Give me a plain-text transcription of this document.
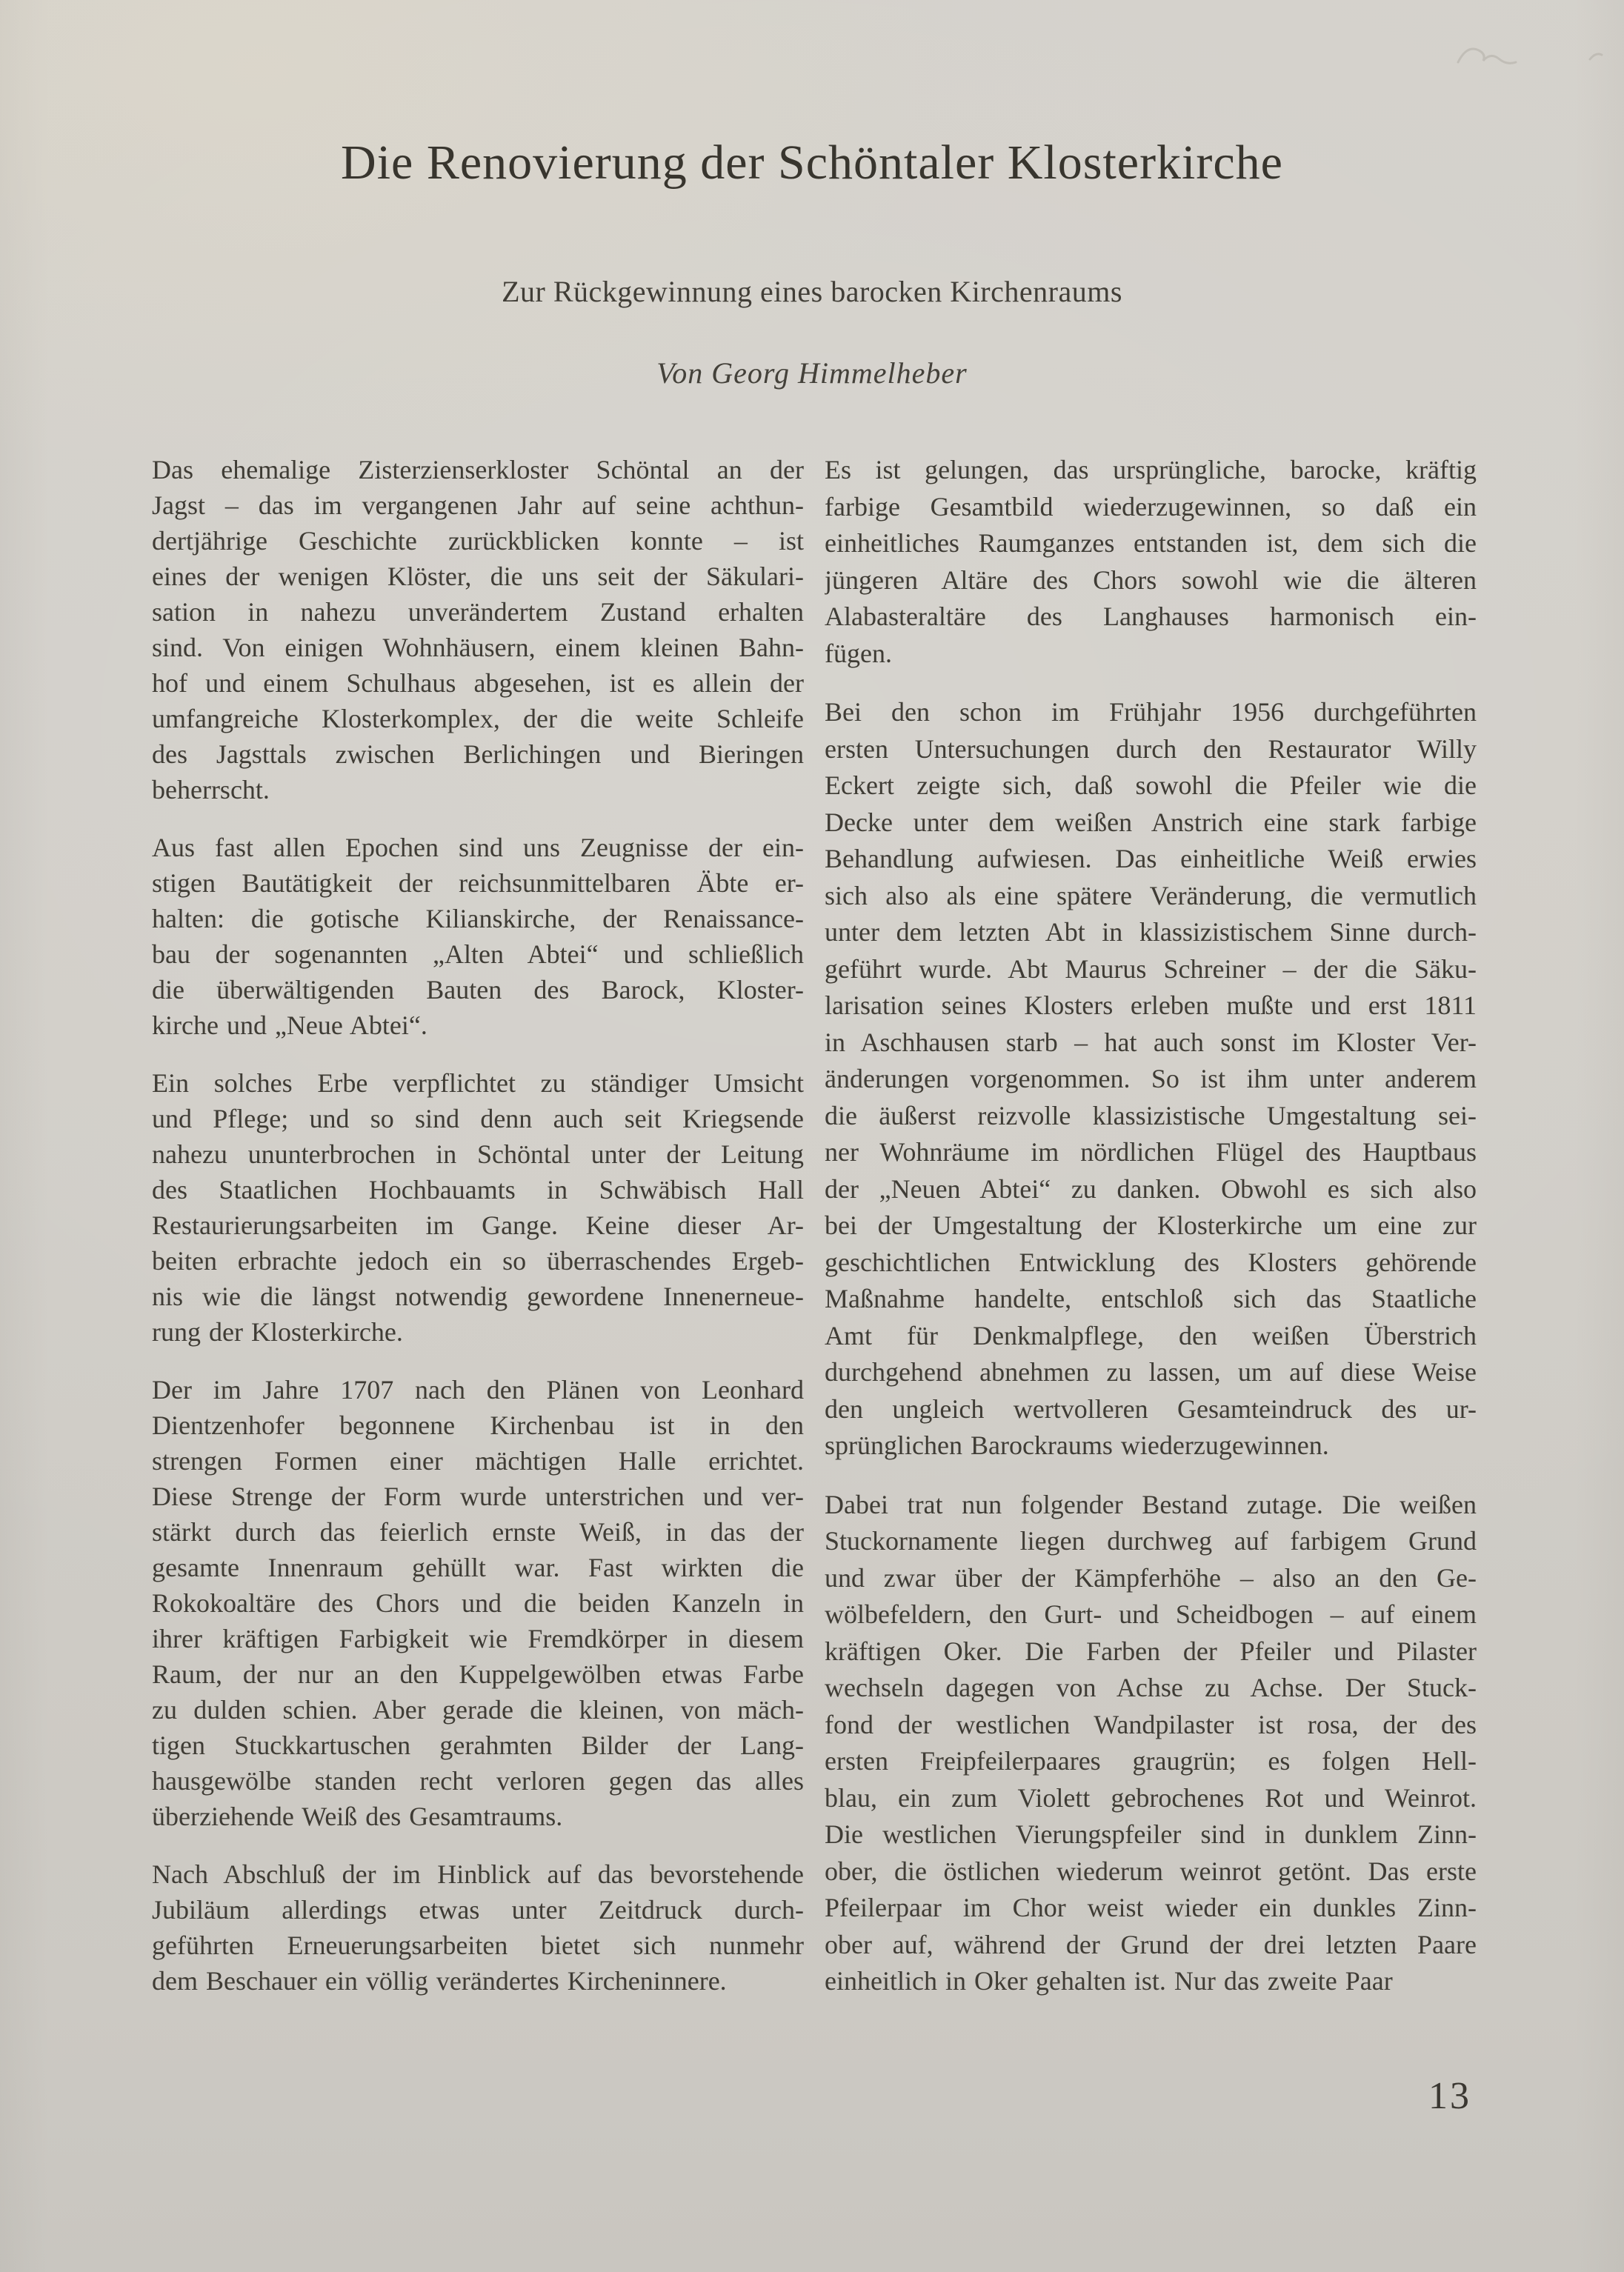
Die Renovierung der Schöntaler Klosterkirche
Zur Rückgewinnung eines barocken Kirchenraums

Von Georg Himmelheber

Das ehemalige Zisterzienserkloster Schöntal an der
Jagst – das im vergangenen Jahr auf seine achthun-
dertjährige Geschichte zurückblicken konnte – ist
eines der wenigen Klöster, die uns seit der Säkulari-
sation in nahezu unverändertem Zustand erhalten
sind. Von einigen Wohnhäusern, einem kleinen Bahn-
hof und einem Schulhaus abgesehen, ist es allein der
umfangreiche Klosterkomplex, der die weite Schleife
des Jagsttals zwischen Berlichingen und Bieringen
beherrscht.
Aus fast allen Epochen sind uns Zeugnisse der ein-
stigen Bautätigkeit der reichsunmittelbaren Äbte er-
halten: die gotische Kilianskirche, der Renaissance-
bau der sogenannten „Alten Abtei“ und schließlich
die überwältigenden Bauten des Barock, Kloster-
kirche und „Neue Abtei“.
Ein solches Erbe verpflichtet zu ständiger Umsicht
und Pflege; und so sind denn auch seit Kriegsende
nahezu ununterbrochen in Schöntal unter der Leitung
des Staatlichen Hochbauamts in Schwäbisch Hall
Restaurierungsarbeiten im Gange. Keine dieser Ar-
beiten erbrachte jedoch ein so überraschendes Ergeb-
nis wie die längst notwendig gewordene Innenerneue-
rung der Klosterkirche.
Der im Jahre 1707 nach den Plänen von Leonhard
Dientzenhofer begonnene Kirchenbau ist in den
strengen Formen einer mächtigen Halle errichtet.
Diese Strenge der Form wurde unterstrichen und ver-
stärkt durch das feierlich ernste Weiß, in das der
gesamte Innenraum gehüllt war. Fast wirkten die
Rokokoaltäre des Chors und die beiden Kanzeln in
ihrer kräftigen Farbigkeit wie Fremdkörper in diesem
Raum, der nur an den Kuppelgewölben etwas Farbe
zu dulden schien. Aber gerade die kleinen, von mäch-
tigen Stuckkartuschen gerahmten Bilder der Lang-
hausgewölbe standen recht verloren gegen das alles
überziehende Weiß des Gesamtraums.
Nach Abschluß der im Hinblick auf das bevorstehende
Jubiläum allerdings etwas unter Zeitdruck durch-
geführten Erneuerungsarbeiten bietet sich nunmehr
dem Beschauer ein völlig verändertes Kircheninnere.
Es ist gelungen, das ursprüngliche, barocke, kräftig
farbige Gesamtbild wiederzugewinnen, so daß ein
einheitliches Raumganzes entstanden ist, dem sich die
jüngeren Altäre des Chors sowohl wie die älteren
Alabasteraltäre des Langhauses harmonisch ein-
fügen.
Bei den schon im Frühjahr 1956 durchgeführten
ersten Untersuchungen durch den Restaurator Willy
Eckert zeigte sich, daß sowohl die Pfeiler wie die
Decke unter dem weißen Anstrich eine stark farbige
Behandlung aufwiesen. Das einheitliche Weiß erwies
sich also als eine spätere Veränderung, die vermutlich
unter dem letzten Abt in klassizistischem Sinne durch-
geführt wurde. Abt Maurus Schreiner – der die Säku-
larisation seines Klosters erleben mußte und erst 1811
in Aschhausen starb – hat auch sonst im Kloster Ver-
änderungen vorgenommen. So ist ihm unter anderem
die äußerst reizvolle klassizistische Umgestaltung sei-
ner Wohnräume im nördlichen Flügel des Hauptbaus
der „Neuen Abtei“ zu danken. Obwohl es sich also
bei der Umgestaltung der Klosterkirche um eine zur
geschichtlichen Entwicklung des Klosters gehörende
Maßnahme handelte, entschloß sich das Staatliche
Amt für Denkmalpflege, den weißen Überstrich
durchgehend abnehmen zu lassen, um auf diese Weise
den ungleich wertvolleren Gesamteindruck des ur-
sprünglichen Barockraums wiederzugewinnen.
Dabei trat nun folgender Bestand zutage. Die weißen
Stuckornamente liegen durchweg auf farbigem Grund
und zwar über der Kämpferhöhe – also an den Ge-
wölbefeldern, den Gurt- und Scheidbogen – auf einem
kräftigen Oker. Die Farben der Pfeiler und Pilaster
wechseln dagegen von Achse zu Achse. Der Stuck-
fond der westlichen Wandpilaster ist rosa, der des
ersten Freipfeilerpaares graugrün; es folgen Hell-
blau, ein zum Violett gebrochenes Rot und Weinrot.
Die westlichen Vierungspfeiler sind in dunklem Zinn-
ober, die östlichen wiederum weinrot getönt. Das erste
Pfeilerpaar im Chor weist wieder ein dunkles Zinn-
ober auf, während der Grund der drei letzten Paare
einheitlich in Oker gehalten ist. Nur das zweite Paar

13
